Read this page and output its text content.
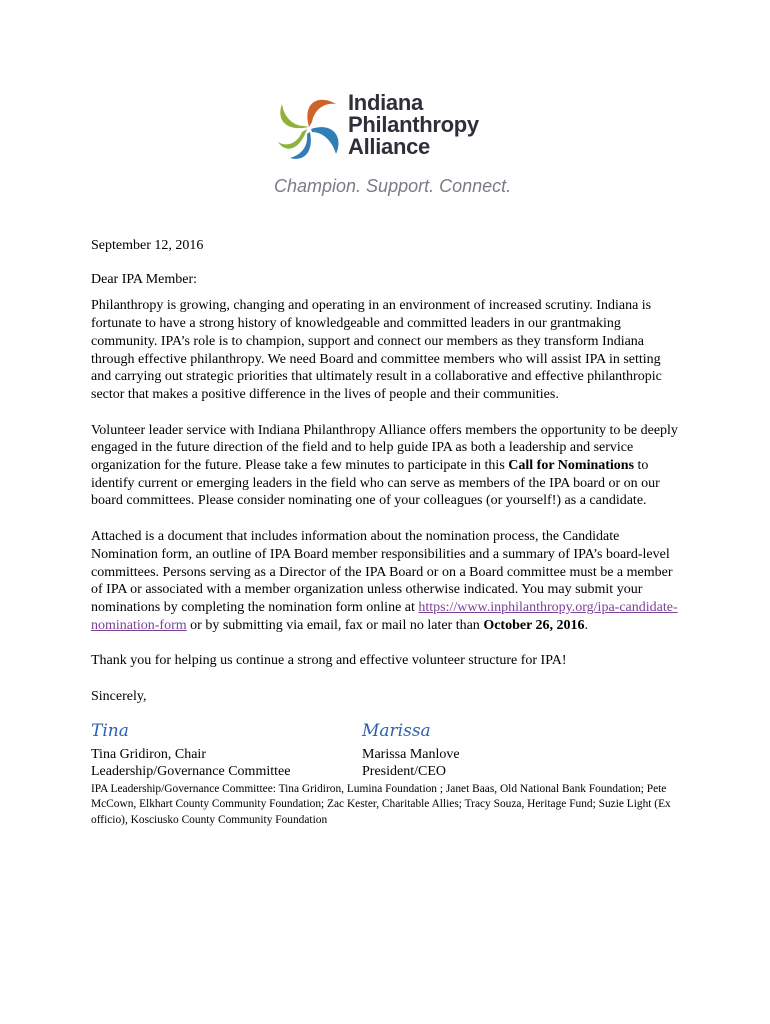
Indiana
Philanthropy
Alliance
Champion. Support. Connect.

September 12, 2016

Dear IPA Member:

Philanthropy is growing, changing and operating in an environment of increased scrutiny. Indiana is fortunate to have a strong history of knowledgeable and committed leaders in our grantmaking community. IPA’s role is to champion, support and connect our members as they transform Indiana through effective philanthropy. We need Board and committee members who will assist IPA in setting and carrying out strategic priorities that ultimately result in a collaborative and effective philanthropic sector that makes a positive difference in the lives of people and their communities.

Volunteer leader service with Indiana Philanthropy Alliance offers members the opportunity to be deeply engaged in the future direction of the field and to help guide IPA as both a leadership and service organization for the future. Please take a few minutes to participate in this Call for Nominations to identify current or emerging leaders in the field who can serve as members of the IPA board or on our board committees. Please consider nominating one of your colleagues (or yourself!) as a candidate.

Attached is a document that includes information about the nomination process, the Candidate Nomination form, an outline of IPA Board member responsibilities and a summary of IPA’s board-level committees. Persons serving as a Director of the IPA Board or on a Board committee must be a member of IPA or associated with a member organization unless otherwise indicated. You may submit your nominations by completing the nomination form online at https://www.inphilanthropy.org/ipa-candidate-nomination-form or by submitting via email, fax or mail no later than October 26, 2016.

Thank you for helping us continue a strong and effective volunteer structure for IPA!

Sincerely,

Tina
Tina Gridiron, Chair
Leadership/Governance Committee
Marissa
Marissa Manlove
President/CEO

IPA Leadership/Governance Committee: Tina Gridiron, Lumina Foundation ; Janet Baas, Old National Bank Foundation; Pete McCown, Elkhart County Community Foundation; Zac Kester, Charitable Allies; Tracy Souza, Heritage Fund; Suzie Light (Ex officio), Kosciusko County Community Foundation
